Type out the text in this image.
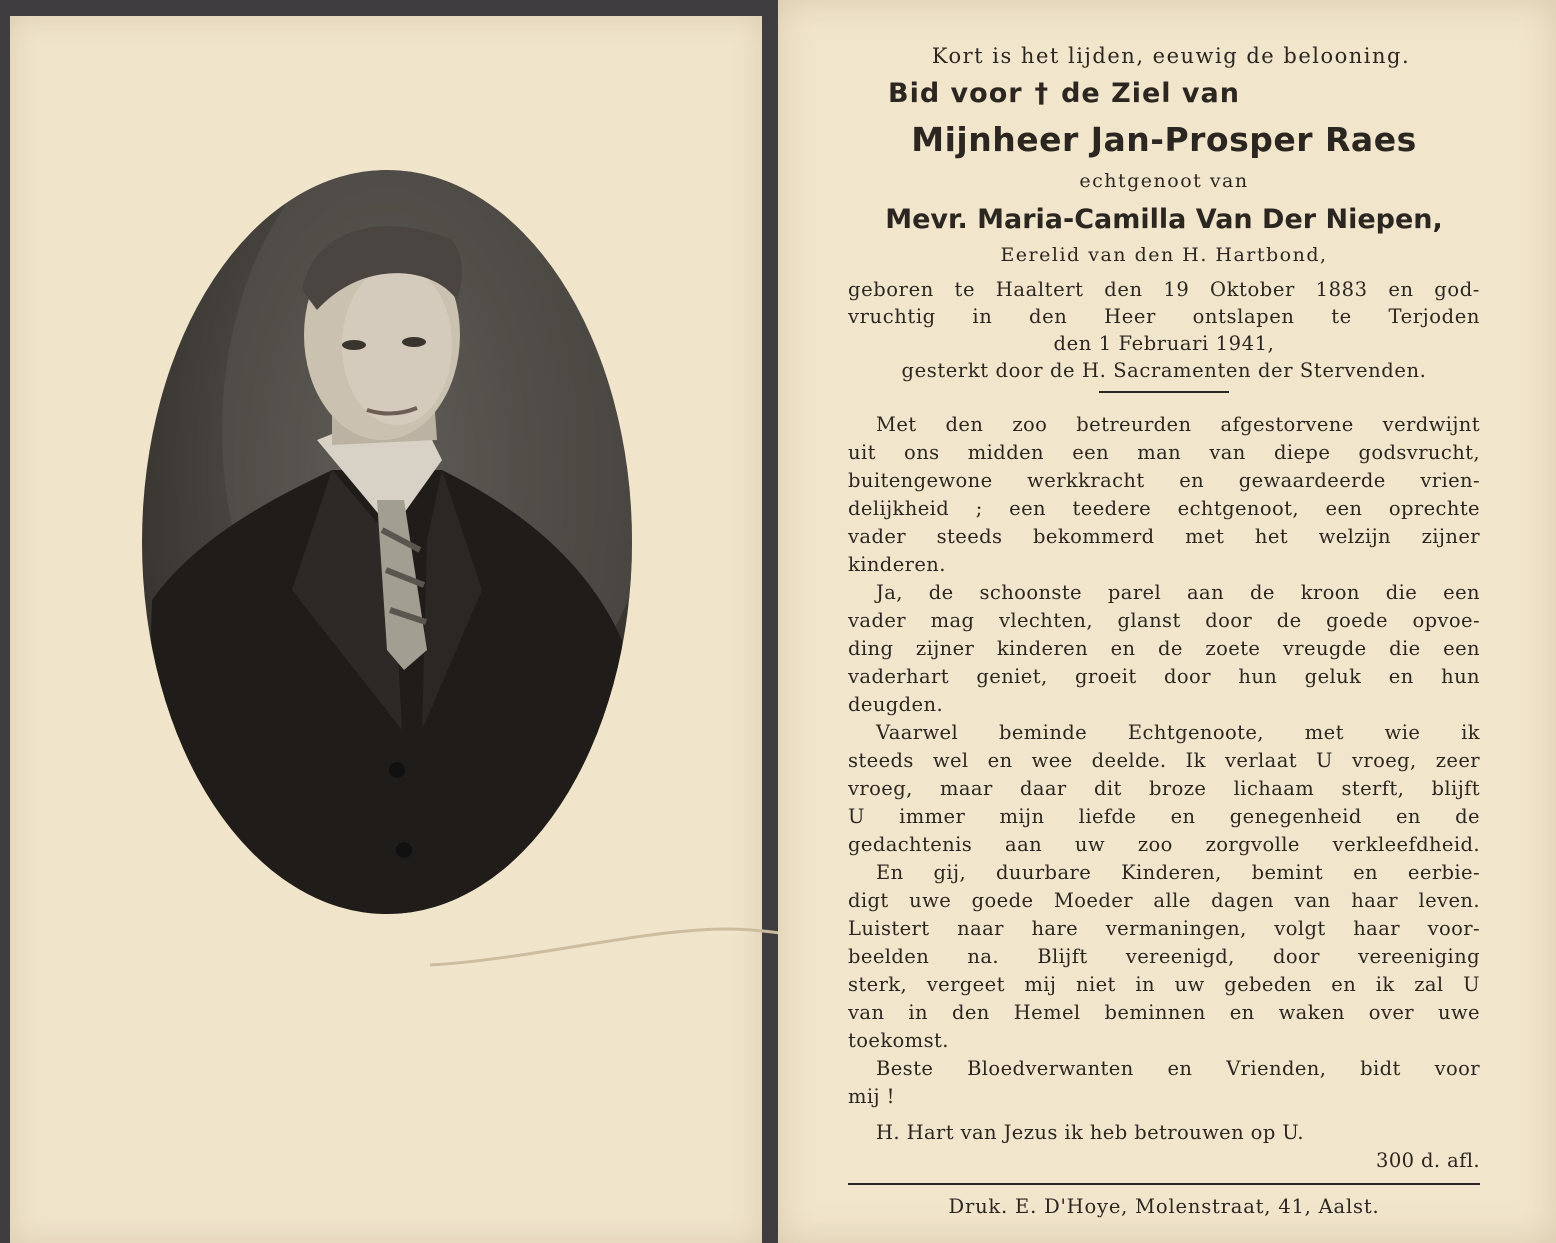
Kort is het lijden, eeuwig de belooning.
Bid voor † de Ziel van
Mijnheer Jan-Prosper Raes
echtgenoot van
Mevr. Maria-Camilla Van Der Niepen,
Eerelid van den H. Hartbond,
geboren te Haaltert den 19 Oktober 1883 en god-
vruchtig in den Heer ontslapen te Terjoden
den 1 Februari 1941,
gesterkt door de H. Sacramenten der Stervenden.
Met den zoo betreurden afgestorvene verdwijnt
uit ons midden een man van diepe godsvrucht,
buitengewone werkkracht en gewaardeerde vrien-
delijkheid ; een teedere echtgenoot, een oprechte
vader steeds bekommerd met het welzijn zijner
kinderen.
Ja, de schoonste parel aan de kroon die een
vader mag vlechten, glanst door de goede opvoe-
ding zijner kinderen en de zoete vreugde die een
vaderhart geniet, groeit door hun geluk en hun
deugden.
Vaarwel beminde Echtgenoote, met wie ik
steeds wel en wee deelde. Ik verlaat U vroeg, zeer
vroeg, maar daar dit broze lichaam sterft, blijft
U immer mijn liefde en genegenheid en de
gedachtenis aan uw zoo zorgvolle verkleefdheid.
En gij, duurbare Kinderen, bemint en eerbie-
digt uwe goede Moeder alle dagen van haar leven.
Luistert naar hare vermaningen, volgt haar voor-
beelden na. Blijft vereenigd, door vereeniging
sterk, vergeet mij niet in uw gebeden en ik zal U
van in den Hemel beminnen en waken over uwe
toekomst.
Beste Bloedverwanten en Vrienden, bidt voor
mij !
H. Hart van Jezus ik heb betrouwen op U.
300 d. afl.
Druk. E. D'Hoye, Molenstraat, 41, Aalst.
